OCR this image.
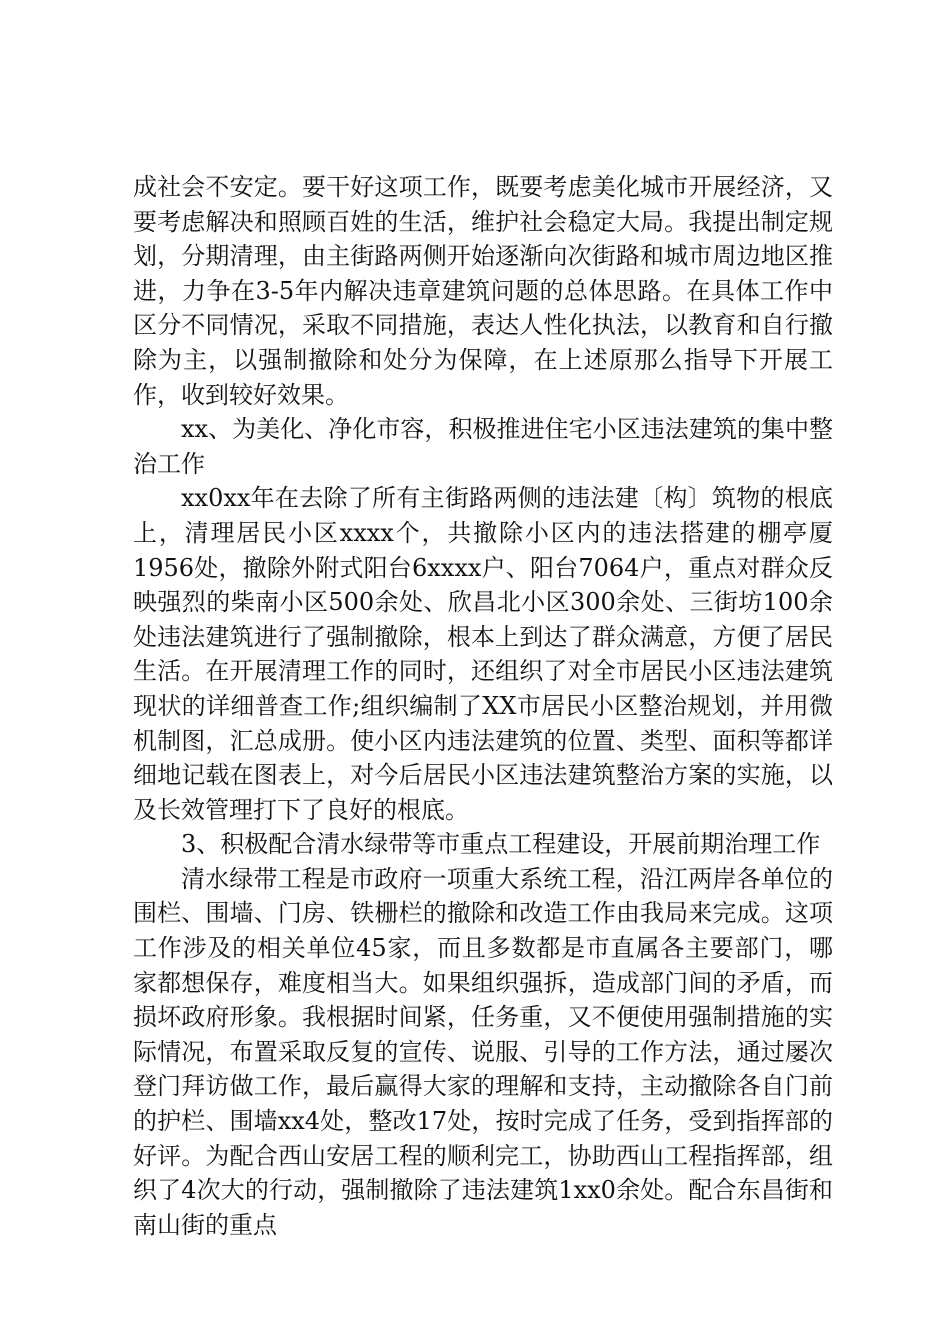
成社会不安定。要干好这项工作，既要考虑美化城市开展经济，又要考虑解决和照顾百姓的生活，维护社会稳定大局。我提出制定规划，分期清理，由主街路两侧开始逐渐向次街路和城市周边地区推进，力争在3-5年内解决违章建筑问题的总体思路。在具体工作中区分不同情况，采取不同措施，表达人性化执法，以教育和自行撤除为主，以强制撤除和处分为保障，在上述原那么指导下开展工作，收到较好效果。

xx、为美化、净化市容，积极推进住宅小区违法建筑的集中整治工作

xx0xx年在去除了所有主街路两侧的违法建〔构〕筑物的根底上，清理居民小区xxxx个，共撤除小区内的违法搭建的棚亭厦1956处，撤除外附式阳台6xxxx户、阳台7064户，重点对群众反映强烈的柴南小区500余处、欣昌北小区300余处、三街坊100余处违法建筑进行了强制撤除，根本上到达了群众满意，方便了居民生活。在开展清理工作的同时，还组织了对全市居民小区违法建筑现状的详细普查工作;组织编制了XX市居民小区整治规划，并用微机制图，汇总成册。使小区内违法建筑的位置、类型、面积等都详细地记载在图表上，对今后居民小区违法建筑整治方案的实施，以及长效管理打下了良好的根底。

3、积极配合清水绿带等市重点工程建设，开展前期治理工作

清水绿带工程是市政府一项重大系统工程，沿江两岸各单位的围栏、围墙、门房、铁栅栏的撤除和改造工作由我局来完成。这项工作涉及的相关单位45家，而且多数都是市直属各主要部门，哪家都想保存，难度相当大。如果组织强拆，造成部门间的矛盾，而损坏政府形象。我根据时间紧，任务重，又不便使用强制措施的实际情况，布置采取反复的宣传、说服、引导的工作方法，通过屡次登门拜访做工作，最后赢得大家的理解和支持，主动撤除各自门前的护栏、围墙xx4处，整改17处，按时完成了任务，受到指挥部的好评。为配合西山安居工程的顺利完工，协助西山工程指挥部，组织了4次大的行动，强制撤除了违法建筑1xx0余处。配合东昌街和南山街的重点
